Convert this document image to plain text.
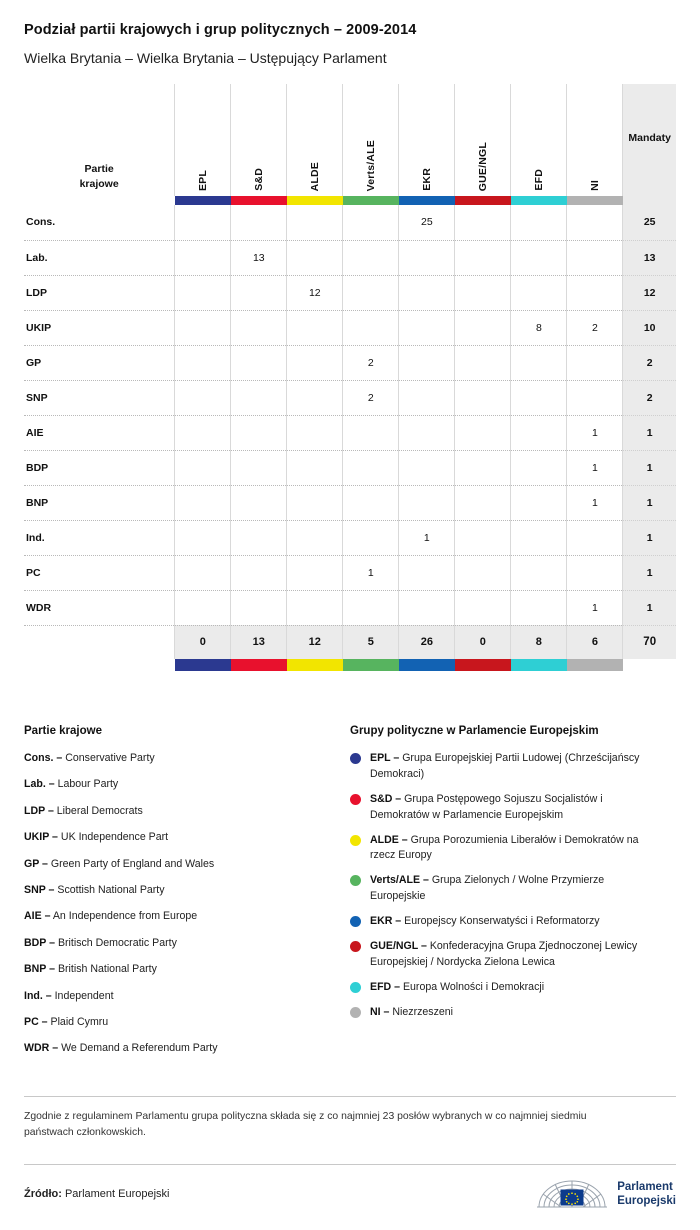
Podział partii krajowych i grup politycznych – 2009-2014
Wielka Brytania – Wielka Brytania – Ustępujący Parlament
Partie
krajowe	EPL	S&D	ALDE	Verts/ALE	EKR	GUE/NGL	EFD	NI	Mandaty

Cons.					25				25
Lab.		13							13
LDP			12						12
UKIP							8	2	10
GP				2					2
SNP				2					2
AIE								1	1
BDP								1	1
BNP								1	1
Ind.					1				1
PC				1					1
WDR								1	1
	0	13	12	5	26	0	8	6	70

Partie krajowe
Cons. – Conservative Party
Lab. – Labour Party
LDP – Liberal Democrats
UKIP – UK Independence Part
GP – Green Party of England and Wales
SNP – Scottish National Party
AIE – An Independence from Europe
BDP – Britisch Democratic Party
BNP – British National Party
Ind. – Independent
PC – Plaid Cymru
WDR – We Demand a Referendum Party
Grupy polityczne w Parlamencie Europejskim
EPL – Grupa Europejskiej Partii Ludowej (Chrześcijańscy Demokraci)
S&D – Grupa Postępowego Sojuszu Socjalistów i Demokratów w Parlamencie Europejskim
ALDE – Grupa Porozumienia Liberałów i Demokratów na rzecz Europy
Verts/ALE – Grupa Zielonych / Wolne Przymierze Europejskie
EKR – Europejscy Konserwatyści i Reformatorzy
GUE/NGL – Konfederacyjna Grupa Zjednoczonej Lewicy Europejskiej / Nordycka Zielona Lewica
EFD – Europa Wolności i Demokracji
NI – Niezrzeszeni
Zgodnie z regulaminem Parlamentu grupa polityczna składa się z co najmniej 23 posłów wybranych w co najmniej siedmiu państwach członkowskich.
Źródło: Parlament Europejski
Parlament
Europejski
